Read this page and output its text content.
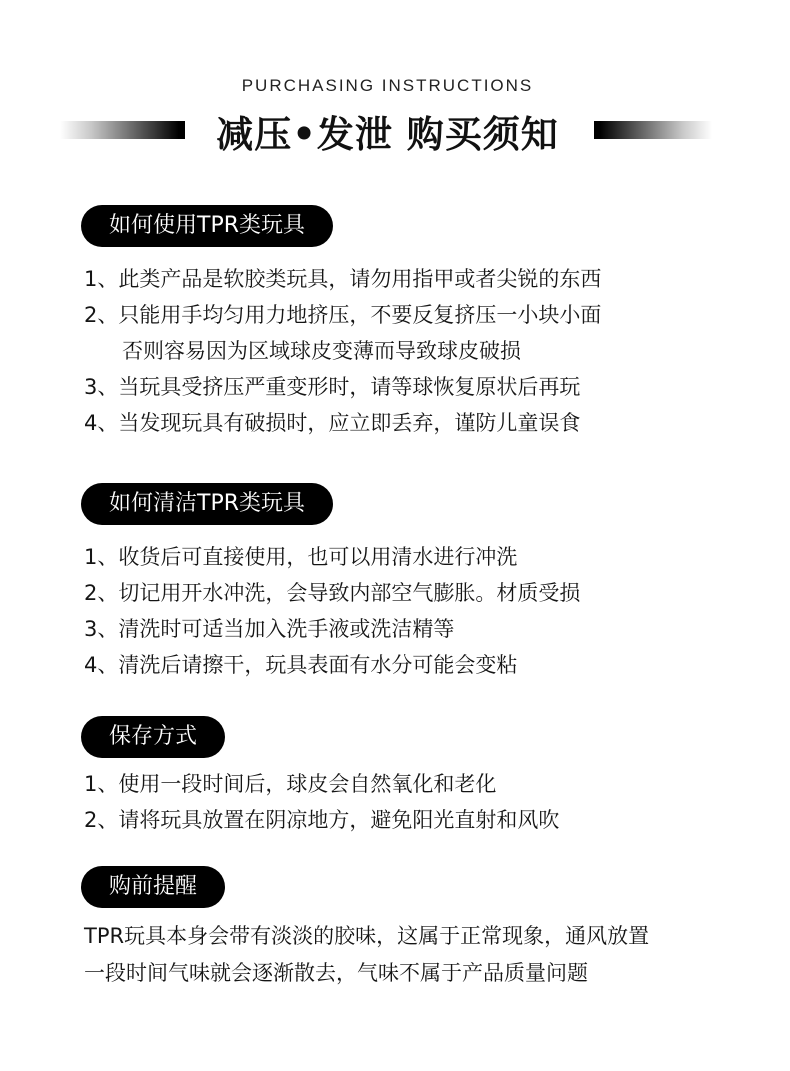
PURCHASING INSTRUCTIONS
减压•发泄 购买须知
如何使用TPR类玩具
1、此类产品是软胶类玩具，请勿用指甲或者尖锐的东西
2、只能用手均匀用力地挤压，不要反复挤压一小块小面
否则容易因为区域球皮变薄而导致球皮破损
3、当玩具受挤压严重变形时，请等球恢复原状后再玩
4、当发现玩具有破损时，应立即丢弃，谨防儿童误食
如何清洁TPR类玩具
1、收货后可直接使用，也可以用清水进行冲洗
2、切记用开水冲洗，会导致内部空气膨胀。材质受损
3、清洗时可适当加入洗手液或洗洁精等
4、清洗后请擦干，玩具表面有水分可能会变粘
保存方式
1、使用一段时间后，球皮会自然氧化和老化
2、请将玩具放置在阴凉地方，避免阳光直射和风吹
购前提醒
TPR玩具本身会带有淡淡的胶味，这属于正常现象，通风放置
一段时间气味就会逐渐散去，气味不属于产品质量问题
